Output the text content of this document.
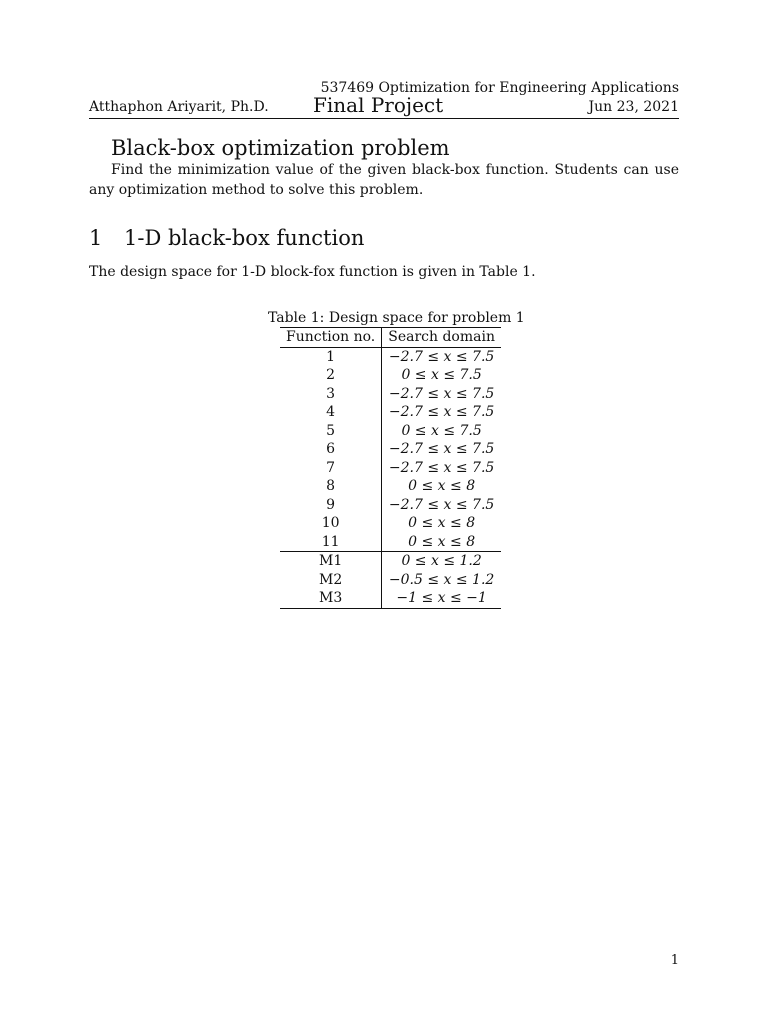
537469 Optimization for Engineering Applications
Atthaphon Ariyarit, Ph.D. Final Project	Jun 23, 2021
Black-box optimization problem
Find the minimization value of the given black-box function. Students can use any optimization method to solve this problem.
1 1-D black-box function
The design space for 1-D block-fox function is given in Table 1.
Table 1: Design space for problem 1
Function no.	Search domain
1	−2.7 ≤ x ≤ 7.5
2	0 ≤ x ≤ 7.5
3	−2.7 ≤ x ≤ 7.5
4	−2.7 ≤ x ≤ 7.5
5	0 ≤ x ≤ 7.5
6	−2.7 ≤ x ≤ 7.5
7	−2.7 ≤ x ≤ 7.5
8	0 ≤ x ≤ 8
9	−2.7 ≤ x ≤ 7.5
10	0 ≤ x ≤ 8
11	0 ≤ x ≤ 8
M1	0 ≤ x ≤ 1.2
M2	−0.5 ≤ x ≤ 1.2
M3	−1 ≤ x ≤ −1
1
